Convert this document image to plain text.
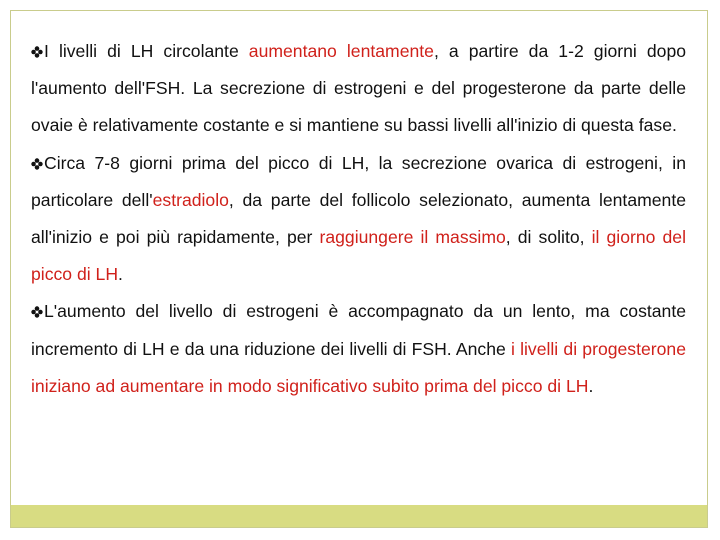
I livelli di LH circolante aumentano lentamente, a partire da 1-2 giorni dopo l'aumento dell'FSH. La secrezione di estrogeni e del progesterone da parte delle ovaie è relativamente costante e si mantiene su bassi livelli all'inizio di questa fase.

Circa 7-8 giorni prima del picco di LH, la secrezione ovarica di estrogeni, in particolare dell'estradiolo, da parte del follicolo selezionato, aumenta lentamente all'inizio e poi più rapidamente, per raggiungere il massimo, di solito, il giorno del picco di LH.

L'aumento del livello di estrogeni è accompagnato da un lento, ma costante incremento di LH e da una riduzione dei livelli di FSH. Anche i livelli di progesterone iniziano ad aumentare in modo significativo subito prima del picco di LH.
